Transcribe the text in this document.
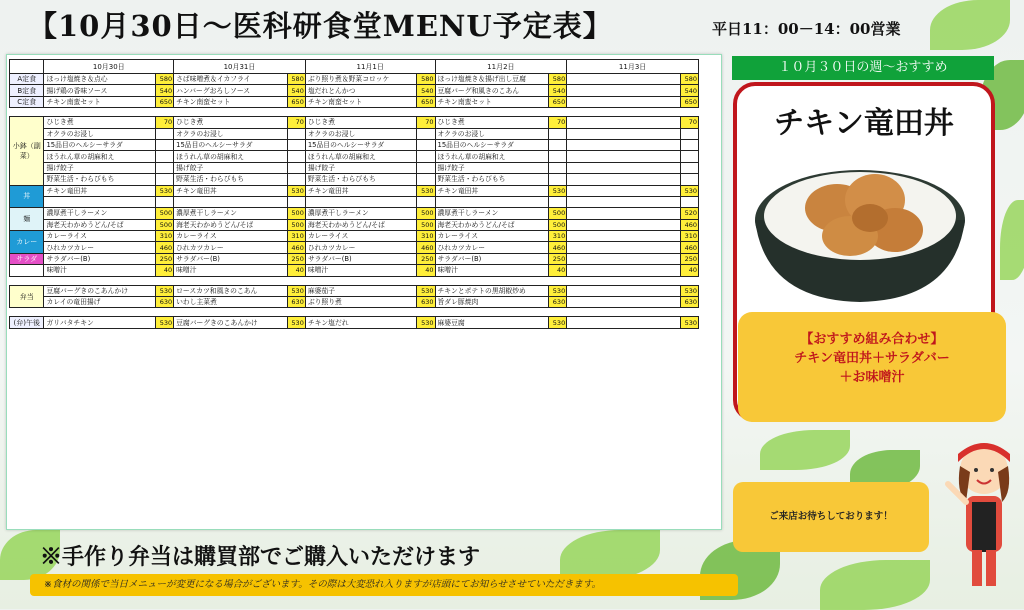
【10月30日～医科研食堂MENU予定表】	平日11：00－14：00営業
	10月30日		10月31日		11月1日		11月2日		11月3日	
A定食	ほっけ塩焼き＆点心	580	さば味噌煮＆イカフライ	580	ぶり照り煮＆野菜コロッケ	580	ほっけ塩焼き＆揚げ出し豆腐	580		580
B定食	揚げ鶏の香味ソース	540	ハンバーグおろしソース	540	塩だれとんかつ	540	豆腐バーグ和風きのこあん	540		540
C定食	チキン南蛮セット	650	チキン南蛮セット	650	チキン南蛮セット	650	チキン南蛮セット	650		650

小鉢（副菜）	ひじき煮	70	ひじき煮	70	ひじき煮	70	ひじき煮	70		70
	オクラのお浸し		オクラのお浸し		オクラのお浸し		オクラのお浸し			
	15品目のヘルシーサラダ		15品目のヘルシーサラダ		15品目のヘルシーサラダ		15品目のヘルシーサラダ			
	ほうれん草の胡麻和え		ほうれん草の胡麻和え		ほうれん草の胡麻和え		ほうれん草の胡麻和え			
	揚げ餃子		揚げ餃子		揚げ餃子		揚げ餃子			
	野菜生活・わらびもち		野菜生活・わらびもち		野菜生活・わらびもち		野菜生活・わらびもち			
丼	チキン竜田丼	530	チキン竜田丼	530	チキン竜田丼	530	チキン竜田丼	530		530

麺	濃厚煮干しラーメン	500	濃厚煮干しラーメン	500	濃厚煮干しラーメン	500	濃厚煮干しラーメン	500		520
	海老天わかめうどん/そば	500	海老天わかめうどん/そば	500	海老天わかめうどん/そば	500	海老天わかめうどん/そば	500		460
カレー	カレーライス	310	カレーライス	310	カレーライス	310	カレーライス	310		310
	ひれカツカレー	460	ひれカツカレー	460	ひれカツカレー	460	ひれカツカレー	460		460
サラダ	サラダバー(B)	250	サラダバー(B)	250	サラダバー(B)	250	サラダバー(B)	250		250
	味噌汁	40	味噌汁	40	味噌汁	40	味噌汁	40		40

弁当	豆腐バーグきのこあんかけ	530	ロースカツ和風きのこあん	530	麻婆茄子	530	チキンとポテトの黒胡椒炒め	530		530
	カレイの竜田揚げ	630	いわし主菜煮	630	ぶり照り煮	630	旨ダレ豚焼肉	630		630

(弁)午後	ガリバタチキン	530	豆腐バーグきのこあんかけ	530	チキン塩だれ	530	麻婆豆腐	530		530
１０月３０日の週～おすすめ
チキン竜田丼
【おすすめ組み合わせ】
チキン竜田丼＋サラダバー
＋お味噌汁
ご来店お待ちしております！
※手作り弁当は購買部でご購入いただけます
※食材の関係で当日メニューが変更になる場合がございます。その際は大変恐れ入りますが店頭にてお知らせさせていただきます。
